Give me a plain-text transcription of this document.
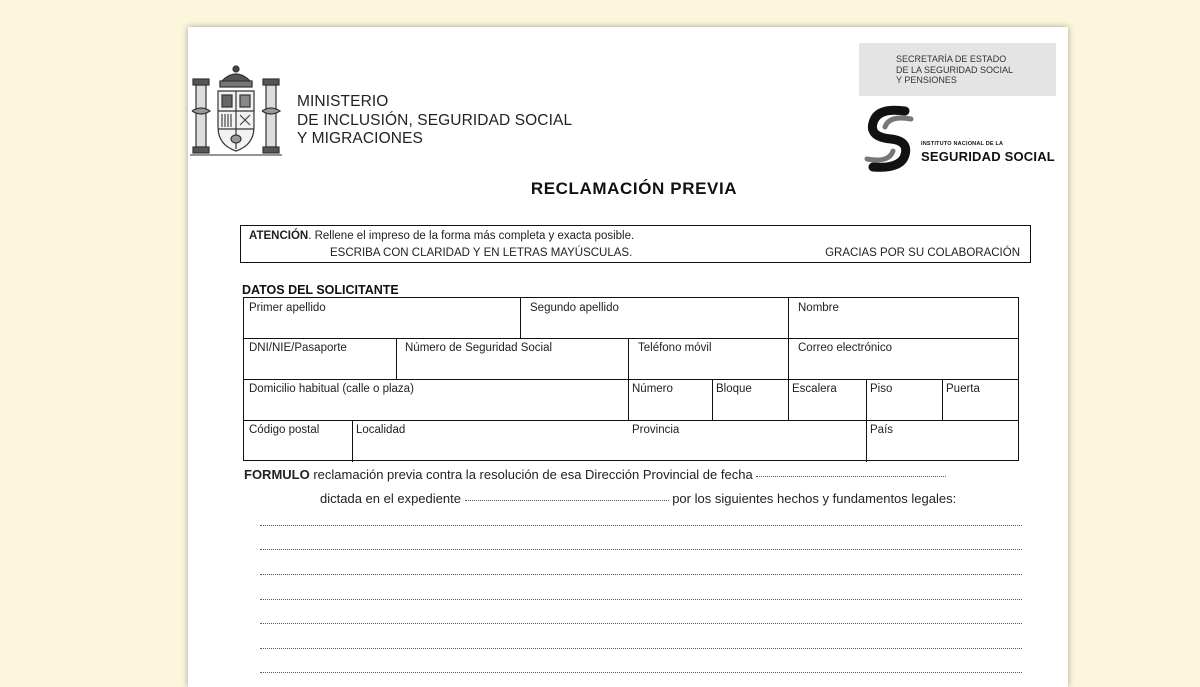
MINISTERIO
DE INCLUSIÓN, SEGURIDAD SOCIAL
Y MIGRACIONES
SECRETARÍA DE ESTADO
DE LA SEGURIDAD SOCIAL
Y PENSIONES
INSTITUTO NACIONAL DE LA
SEGURIDAD SOCIAL
RECLAMACIÓN PREVIA
ATENCIÓN. Rellene el impreso de la forma más completa y exacta posible.
ESCRIBA CON CLARIDAD Y EN LETRAS MAYÚSCULAS.	GRACIAS POR SU COLABORACIÓN
DATOS DEL SOLICITANTE
Primer apellido	Segundo apellido	Nombre
DNI/NIE/Pasaporte	Número de Seguridad Social	Teléfono móvil	Correo electrónico
Domicilio habitual (calle o plaza)	Número	Bloque	Escalera	Piso	Puerta
Código postal	Localidad	Provincia	País
FORMULO reclamación previa contra la resolución de esa Dirección Provincial de fecha
dictada en el expediente	por los siguientes hechos y fundamentos legales:
